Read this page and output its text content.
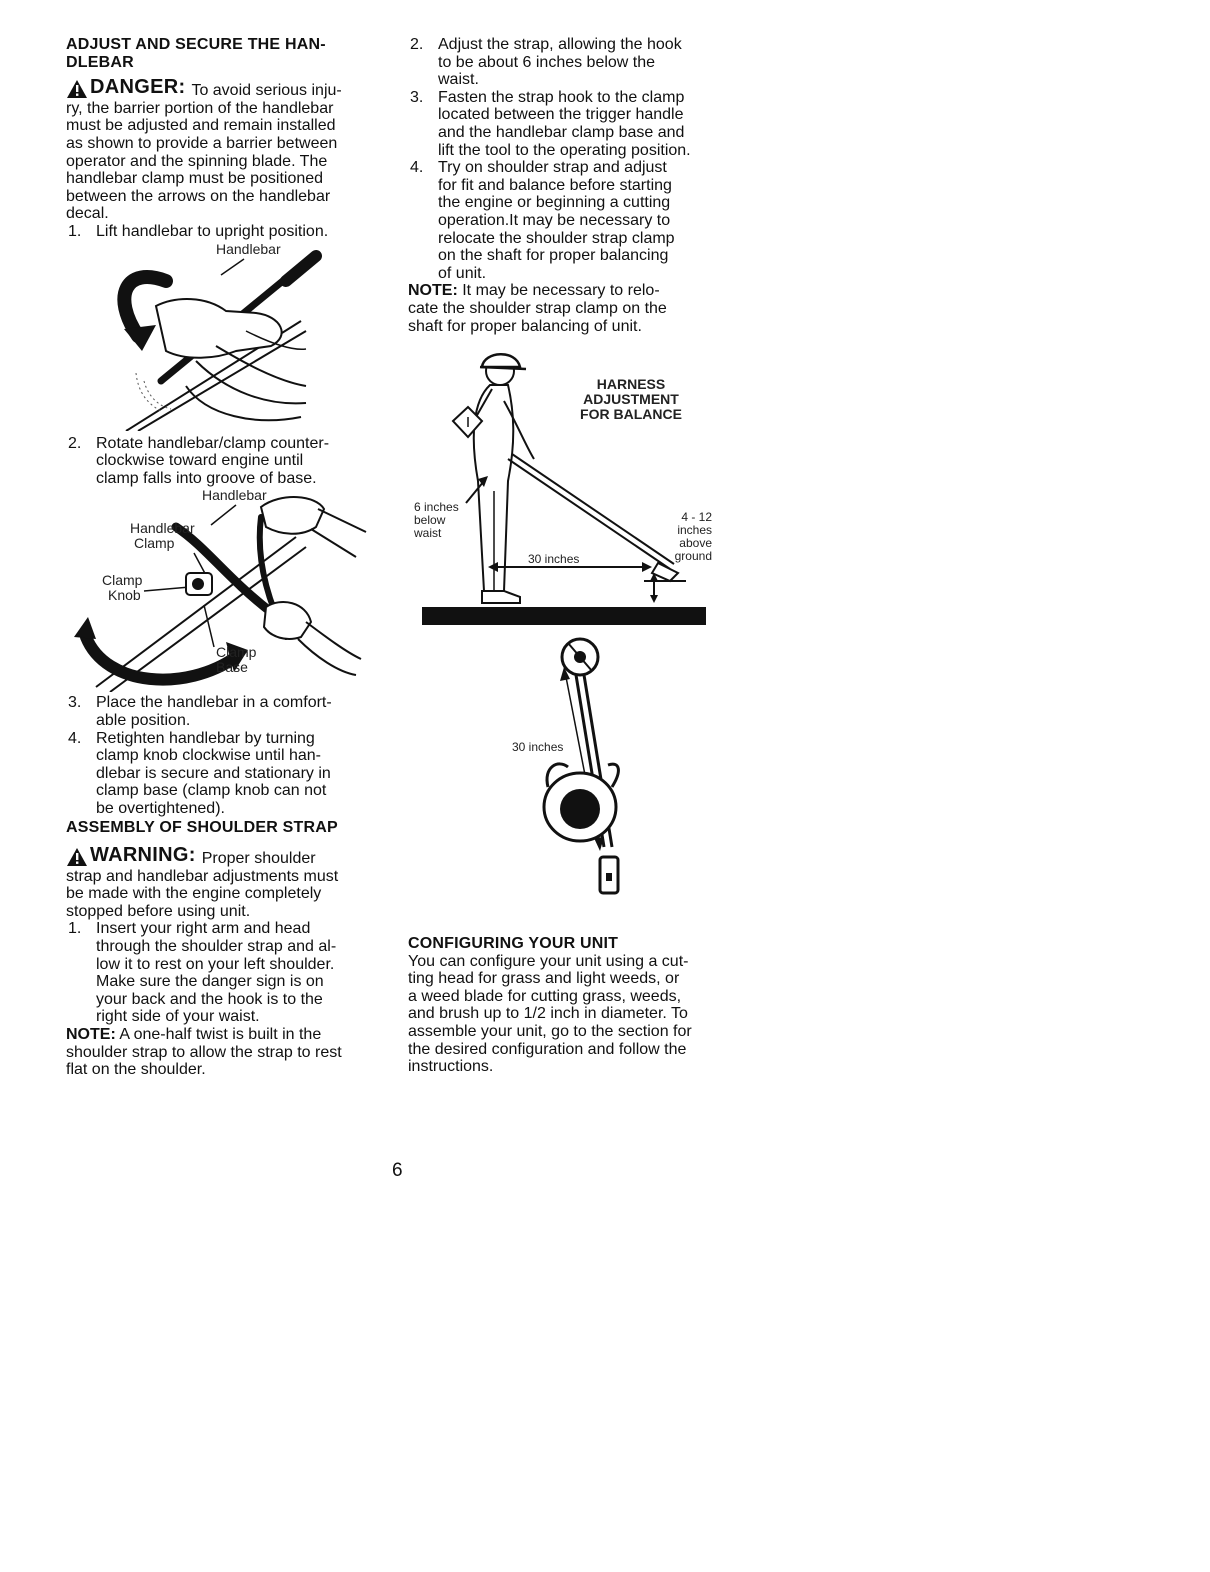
ADJUST AND SECURE THE HAN-
DLEBAR
DANGER: To avoid serious inju-

ry, the barrier portion of the handlebar

must be adjusted and remain installed

as shown to provide a barrier between

operator and the spinning blade. The

handlebar clamp must be positioned

between the arrows on the handlebar

decal.

1. Lift handlebar to upright position.
Handlebar
2. Rotate handlebar/clamp counter-
clockwise toward engine until
clamp falls into groove of base.
Handlebar
Handlebar
Clamp
Clamp
Knob
Clamp
Base
3. Place the handlebar in a comfort-
able position.
4. Retighten handlebar by turning
clamp knob clockwise until han-
dlebar is secure and stationary in
clamp base (clamp knob can not
be overtightened).
ASSEMBLY OF SHOULDER STRAP
WARNING: Proper shoulder

strap and handlebar adjustments must

be made with the engine completely

stopped before using unit.

1. Insert your right arm and head
through the shoulder strap and al-
low it to rest on your left shoulder.
Make sure the danger sign is on
your back and the hook is to the
right side of your waist.

NOTE: A one-half twist is built in the

shoulder strap to allow the strap to rest

flat on the shoulder.

2. Adjust the strap, allowing the hook
to be about 6 inches below the
waist.
3. Fasten the strap hook to the clamp
located between the trigger handle
and the handlebar clamp base and
lift the tool to the operating position.
4. Try on shoulder strap and adjust
for fit and balance before starting
the engine or beginning a cutting
operation.It may be necessary to
relocate the shoulder strap clamp
on the shaft for proper balancing
of unit.

NOTE: It may be necessary to relo-

cate the shoulder strap clamp on the

shaft for proper balancing of unit.

HARNESS
ADJUSTMENT
FOR BALANCE
6 inches
below
waist
30 inches
4 - 12
inches
above
ground
30 inches
CONFIGURING YOUR UNIT

You can configure your unit using a cut-

ting head for grass and light weeds, or

a weed blade for cutting grass, weeds,

and brush up to 1/2 inch in diameter. To

assemble your unit, go to the section for

the desired configuration and follow the

instructions.

6
